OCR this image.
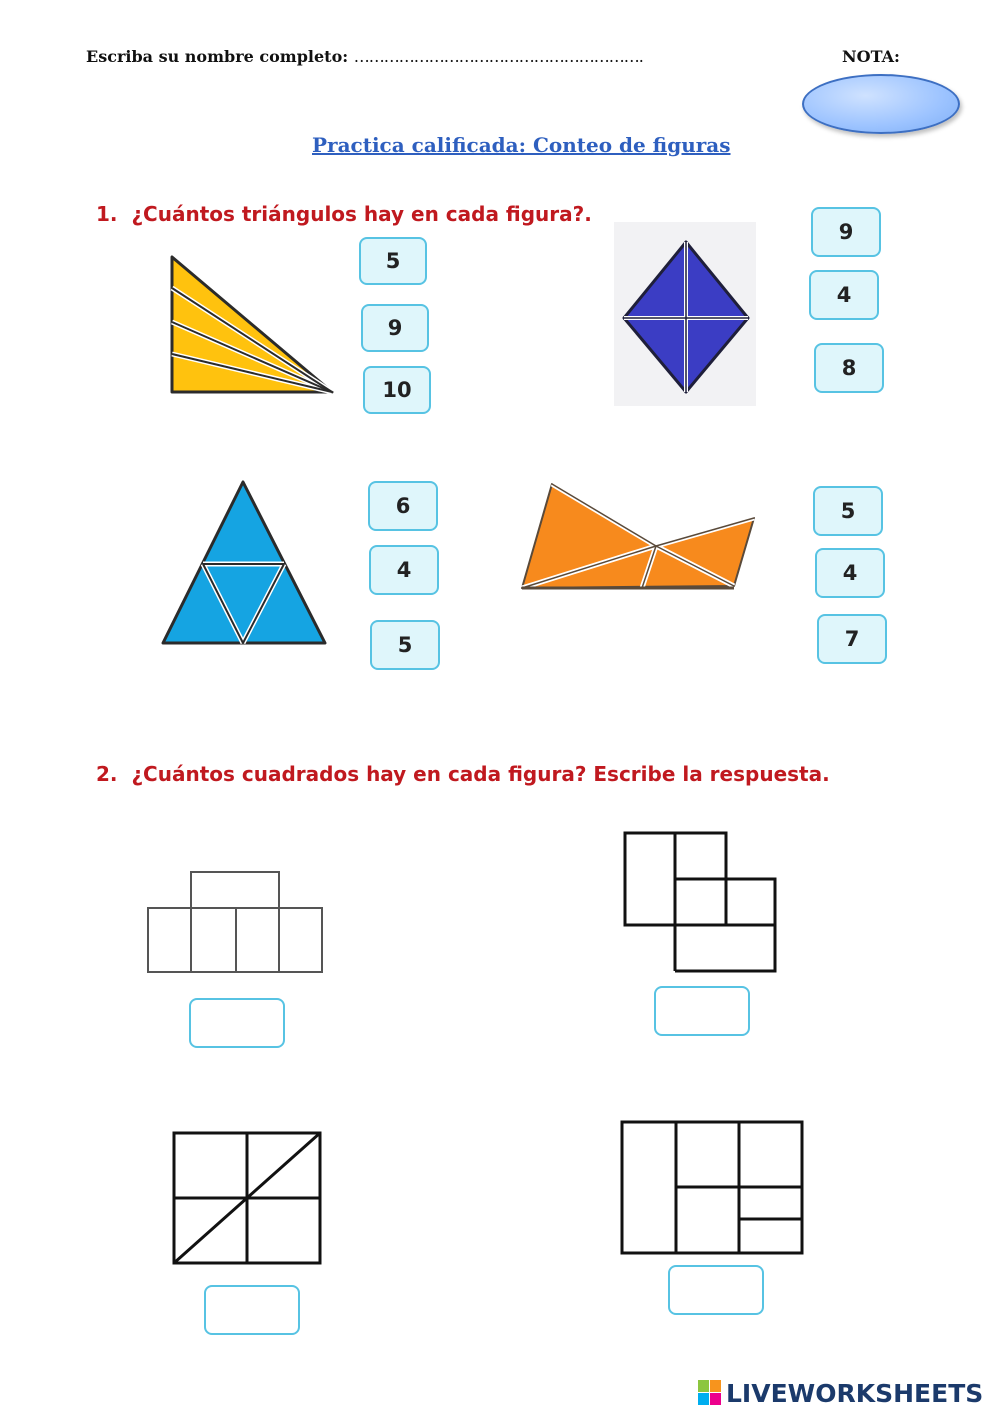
Escriba su nombre completo: ………………………………………………….	NOTA:
Practica calificada: Conteo de figuras
1. ¿Cuántos triángulos hay en cada figura?.
5
9
10
9
4
8
6
4
5
5
4
7
2. ¿Cuántos cuadrados hay en cada figura? Escribe la respuesta.
LIVEWORKSHEETS
